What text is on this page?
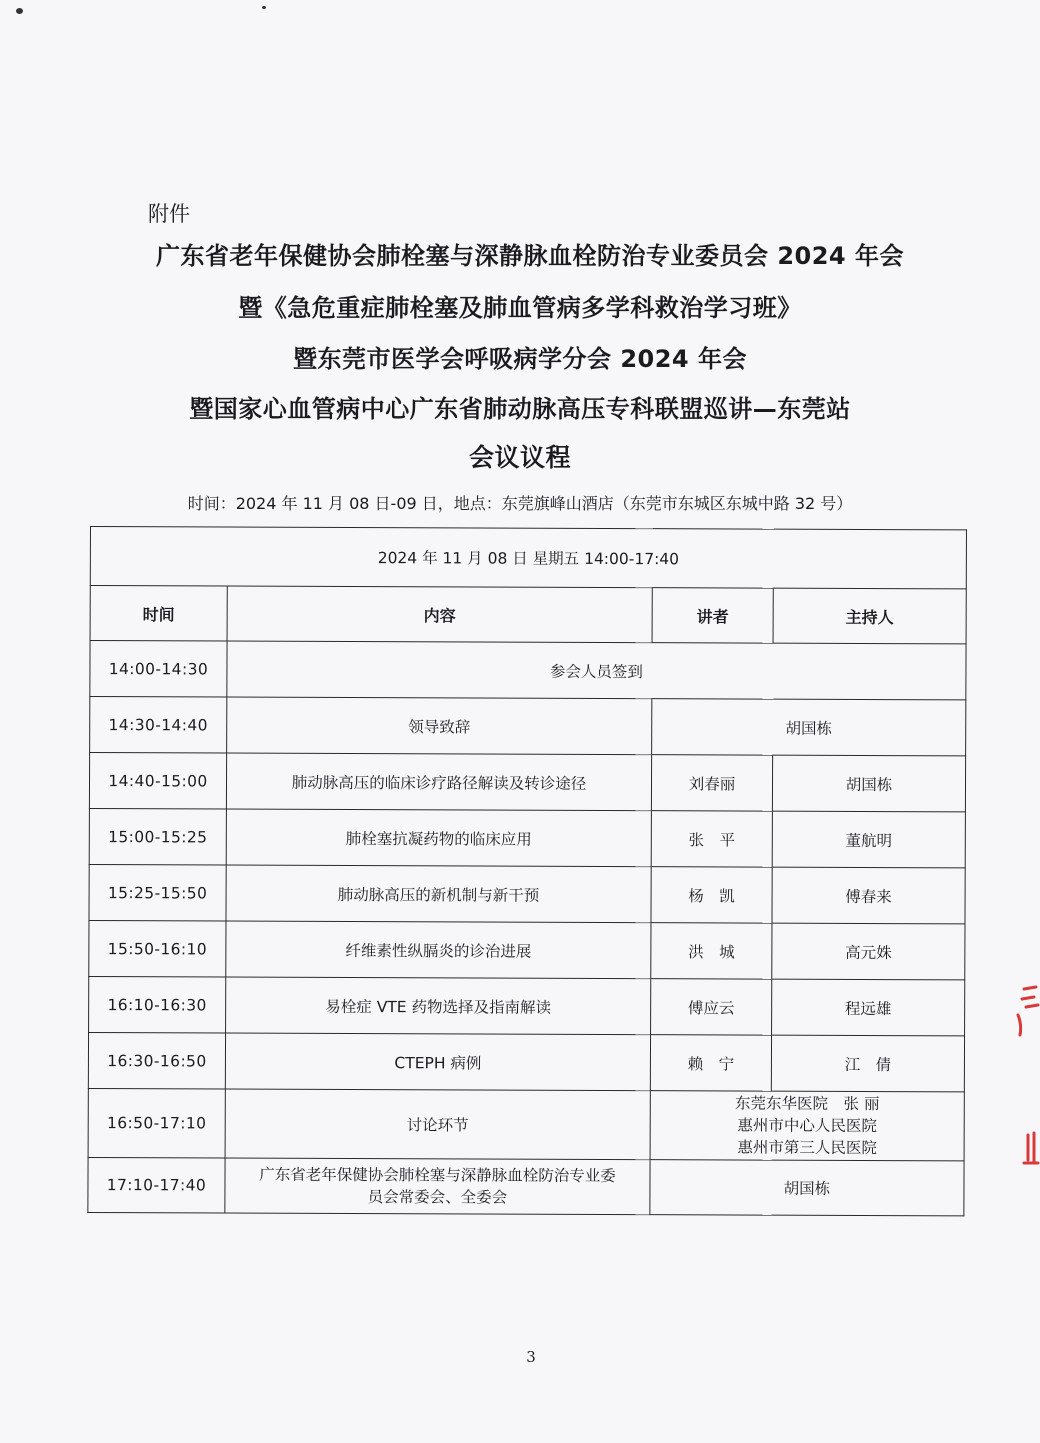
附件
广东省老年保健协会肺栓塞与深静脉血栓防治专业委员会 2024 年会
暨《急危重症肺栓塞及肺血管病多学科救治学习班》
暨东莞市医学会呼吸病学分会 2024 年会
暨国家心血管病中心广东省肺动脉高压专科联盟巡讲—东莞站
会议议程
时间：2024 年 11 月 08 日-09 日，地点：东莞旗峰山酒店（东莞市东城区东城中路 32 号）
2024 年 11 月 08 日 星期五 14:00-17:40			
时间	内容	讲者	主持人
14:00-14:30	参会人员签到		
14:30-14:40	领导致辞	胡国栋	
14:40-15:00	肺动脉高压的临床诊疗路径解读及转诊途径	刘春丽	胡国栋
15:00-15:25	肺栓塞抗凝药物的临床应用	张　平	董航明
15:25-15:50	肺动脉高压的新机制与新干预	杨　凯	傅春来
15:50-16:10	纤维素性纵膈炎的诊治进展	洪　城	高元姝
16:10-16:30	易栓症 VTE 药物选择及指南解读	傅应云	程远雄
16:30-16:50	CTEPH 病例	赖　宁	江　倩
16:50-17:10	讨论环节	东莞东华医院　张 丽
惠州市中心人民医院
惠州市第三人民医院	

17:10-17:40	广东省老年保健协会肺栓塞与深静脉血栓防治专业委
员会常委会、全委会	胡国栋	
3
